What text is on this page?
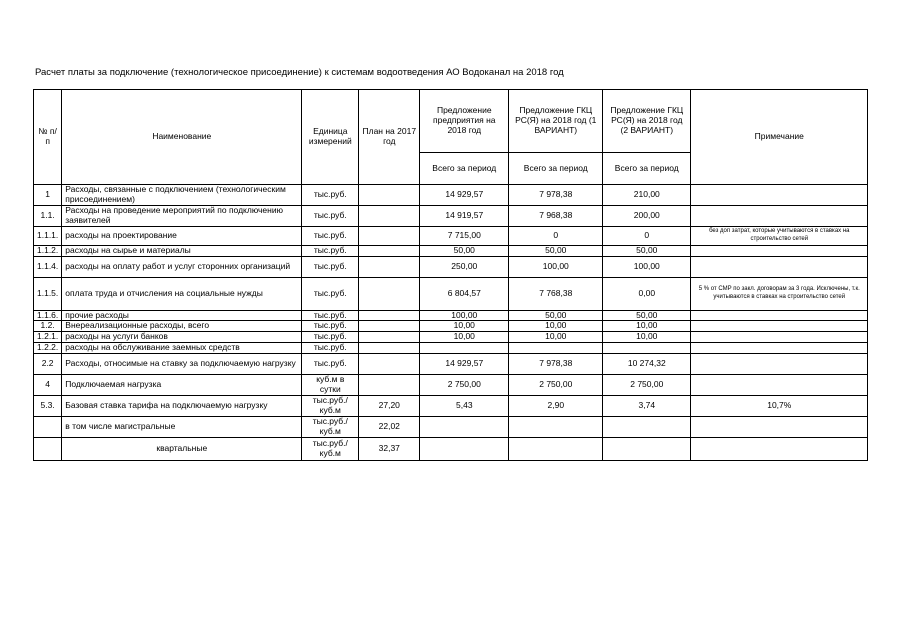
Расчет платы за подключение (технологическое присоединение) к системам водоотведения АО Водоканал на 2018 год
№ п/п	Наименование	Единица измерений	План на 2017 год	Предложение предприятия на 2018 год	Предложение ГКЦ РС(Я) на 2018 год (1 ВАРИАНТ)	Предложение ГКЦ РС(Я) на 2018 год (2 ВАРИАНТ)	Примечание
				Всего за период	Всего за период	Всего за период	
1	Расходы, связанные с подключением (технологическим присоединением)	тыс.руб.		14 929,57	7 978,38	210,00	
1.1.	Расходы на проведение мероприятий по подключению заявителей	тыс.руб.		14 919,57	7 968,38	200,00	
1.1.1.	расходы на проектирование	тыс.руб.		7 715,00	0	0	без доп затрат, которые учитываются в ставках на строительство сетей
1.1.2.	расходы на сырье и материалы	тыс.руб.		50,00	50,00	50,00	
1.1.4.	расходы на оплату работ и услуг сторонних организаций	тыс.руб.		250,00	100,00	100,00	
1.1.5.	оплата труда и отчисления на социальные нужды	тыс.руб.		6 804,57	7 768,38	0,00	5 % от СМР по закл. договорам за 3 года. Исключены, т.к. учитываются в ставках на строительство сетей
1.1.6.	прочие расходы	тыс.руб.		100,00	50,00	50,00	
1.2.	Внереализационные расходы, всего	тыс.руб.		10,00	10,00	10,00	
1.2.1.	расходы на услуги банков	тыс.руб.		10,00	10,00	10,00	
1.2.2.	расходы на обслуживание заемных средств	тыс.руб.					
2.2	Расходы, относимые на ставку за подключаемую нагрузку	тыс.руб.		14 929,57	7 978,38	10 274,32	
4	Подключаемая нагрузка	куб.м в сутки		2 750,00	2 750,00	2 750,00	
5.3.	Базовая ставка тарифа на подключаемую нагрузку	тыс.руб./ куб.м	27,20	5,43	2,90	3,74	10,7%
	в том числе магистральные	тыс.руб./ куб.м	22,02				
	квартальные	тыс.руб./ куб.м	32,37				
